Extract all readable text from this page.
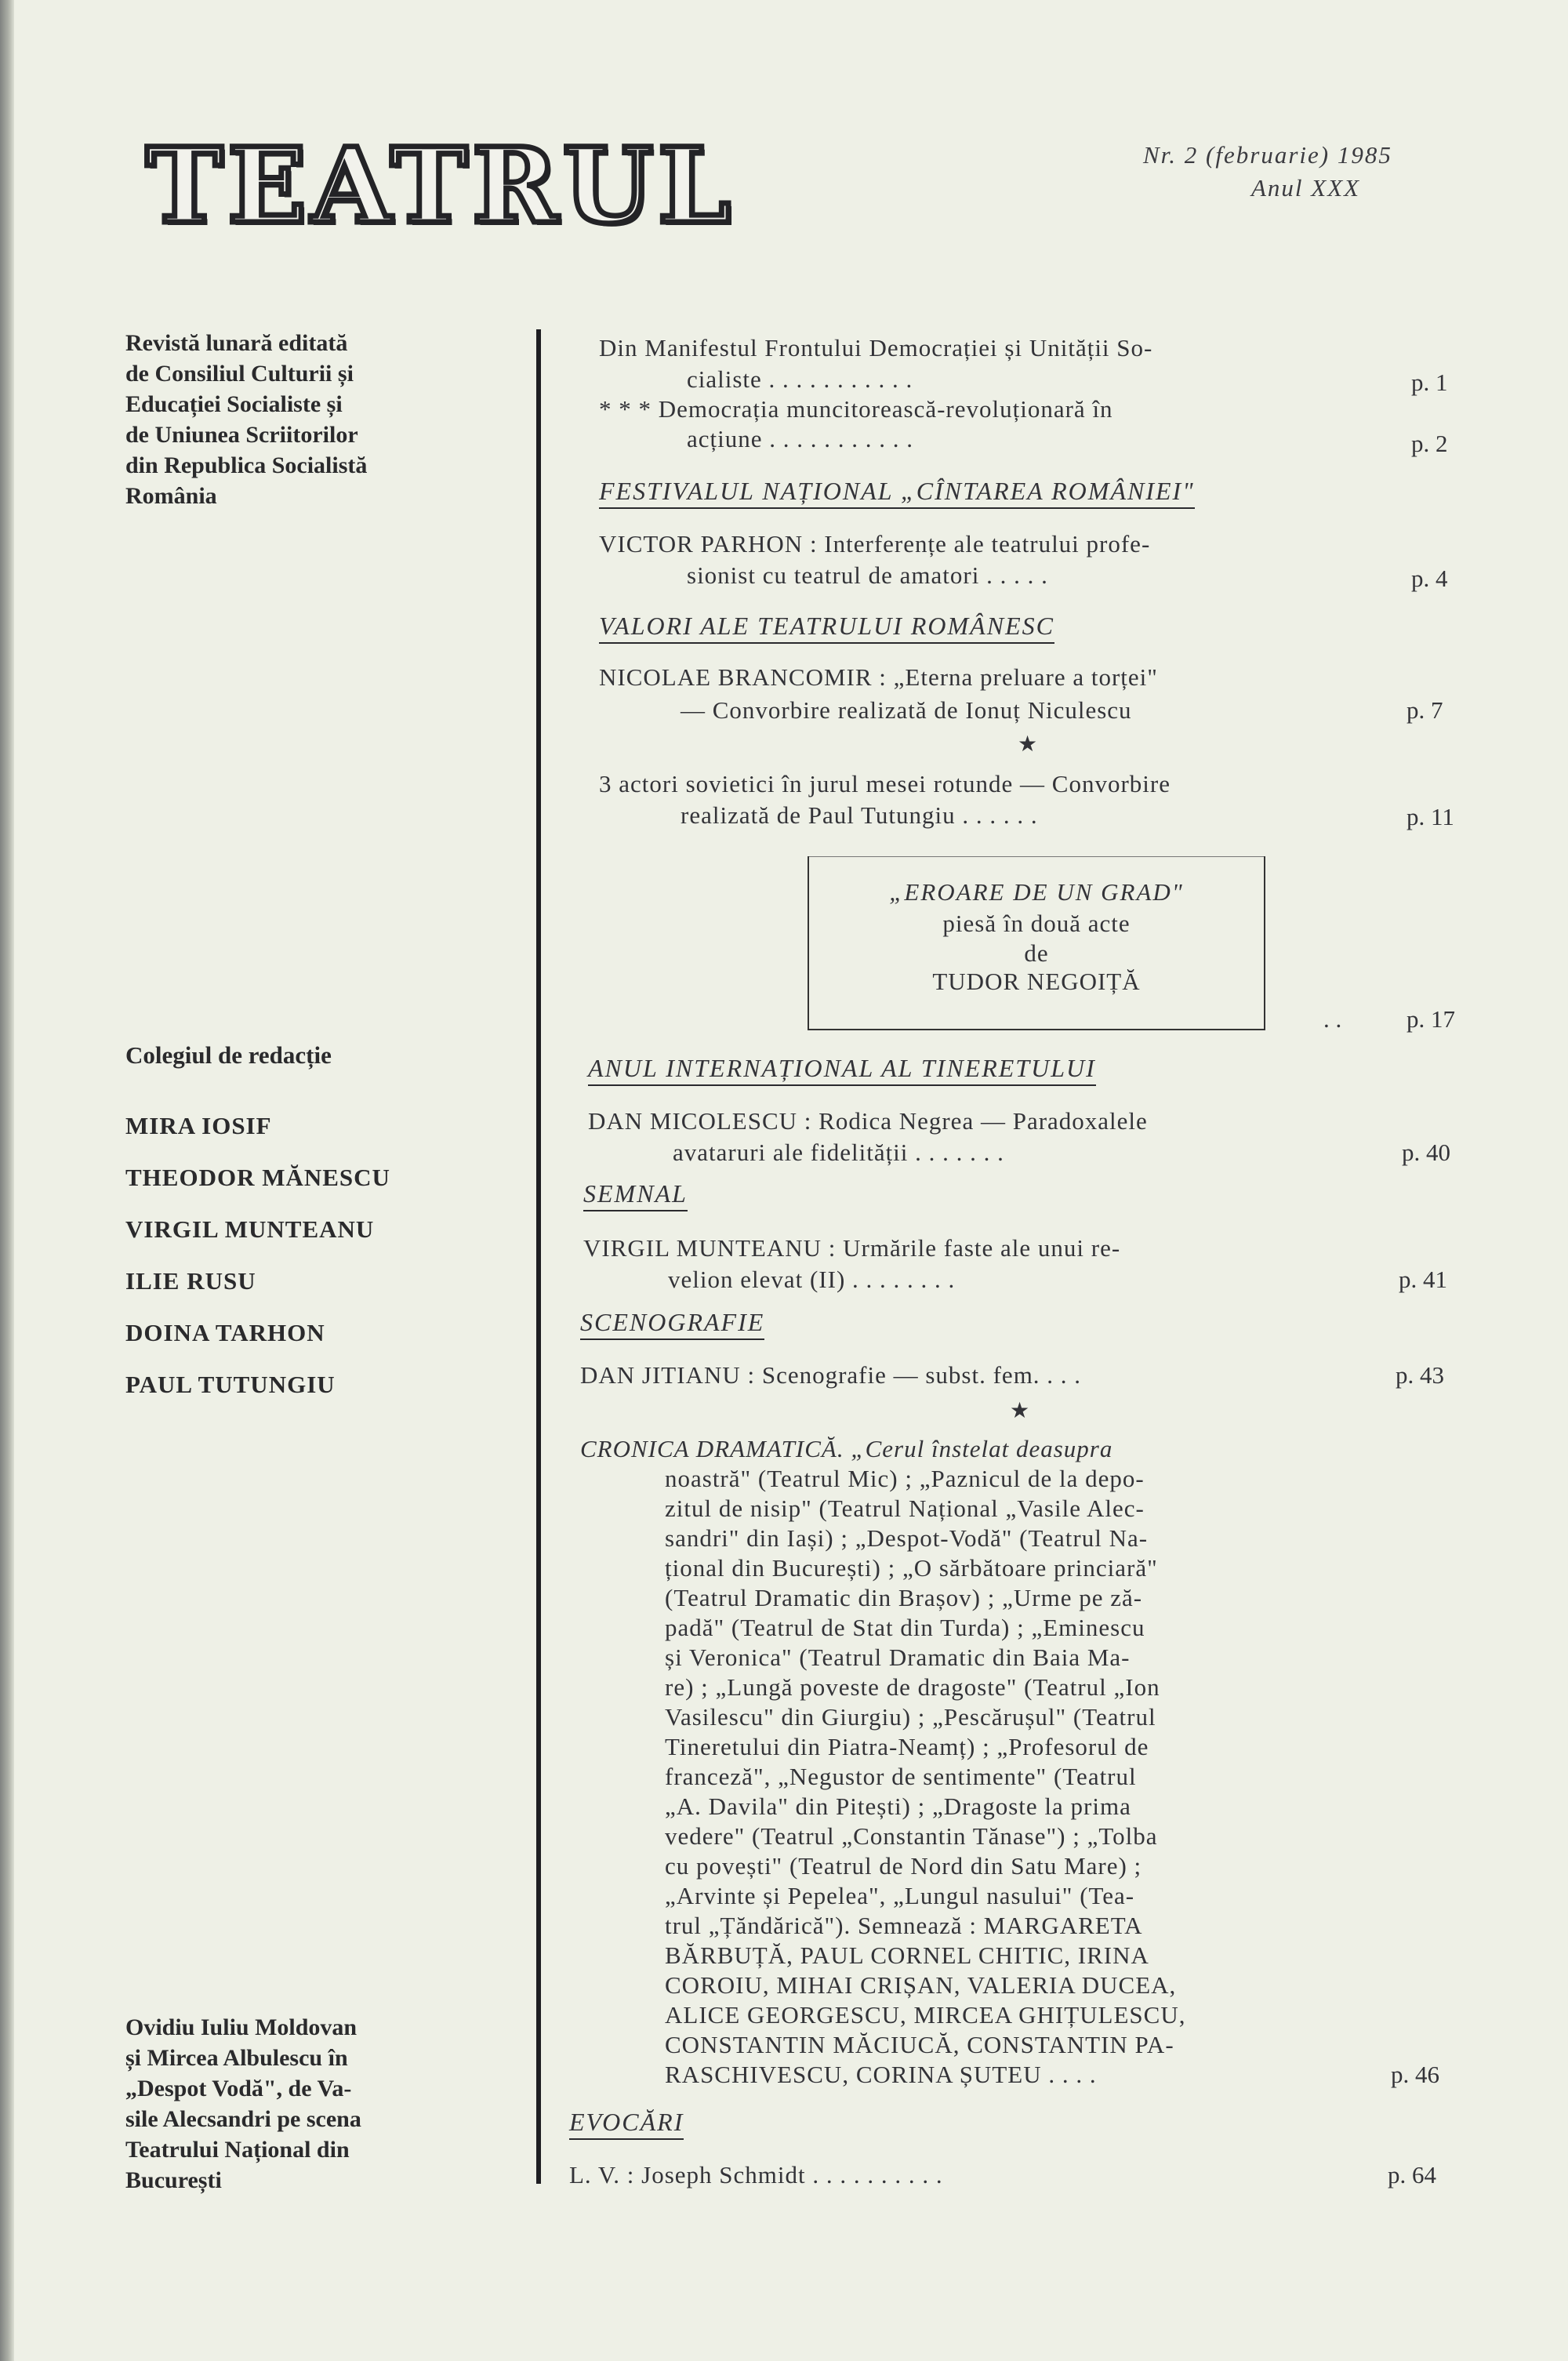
TEATRUL	Nr. 2 (februarie) 1985
Anul XXX
Revistă lunară editată
de Consiliul Culturii și
Educației Socialiste și
de Uniunea Scriitorilor
din Republica Socialistă
România
Colegiul de redacție
MIRA IOSIF
THEODOR MĂNESCU
VIRGIL MUNTEANU
ILIE RUSU
DOINA TARHON
PAUL TUTUNGIU
Ovidiu Iuliu Moldovan
și Mircea Albulescu în
„Despot Vodă", de Va-
sile Alecsandri pe scena
Teatrului Național din
București
Din Manifestul Frontului Democrației și Unității So-
cialiste . . . . . . . . . . .	p. 1
* * * Democrația muncitorească-revoluționară în
acțiune . . . . . . . . . . .	p. 2
FESTIVALUL NAȚIONAL „CÎNTAREA ROMÂNIEI"
VICTOR PARHON : Interferențe ale teatrului profe-
sionist cu teatrul de amatori . . . . .	p. 4
VALORI ALE TEATRULUI ROMÂNESC
NICOLAE BRANCOMIR : „Eterna preluare a torței"
— Convorbire realizată de Ionuț Niculescu	p. 7
★
3 actori sovietici în jurul mesei rotunde — Convorbire
realizată de Paul Tutungiu . . . . . .	p. 11
„EROARE DE UN GRAD"
piesă în două acte
de
TUDOR NEGOIȚĂ
. .	p. 17
ANUL INTERNAȚIONAL AL TINERETULUI
DAN MICOLESCU : Rodica Negrea — Paradoxalele
avataruri ale fidelității . . . . . . .	p. 40
SEMNAL
VIRGIL MUNTEANU : Urmările faste ale unui re-
velion elevat (II) . . . . . . . .	p. 41
SCENOGRAFIE
DAN JITIANU : Scenografie — subst. fem. . . .	p. 43
★
CRONICA DRAMATICĂ. „Cerul înstelat deasupra
noastră" (Teatrul Mic) ; „Paznicul de la depo-
zitul de nisip" (Teatrul Național „Vasile Alec-
sandri" din Iași) ; „Despot-Vodă" (Teatrul Na-
țional din București) ; „O sărbătoare princiară"
(Teatrul Dramatic din Brașov) ; „Urme pe ză-
padă" (Teatrul de Stat din Turda) ; „Eminescu
și Veronica" (Teatrul Dramatic din Baia Ma-
re) ; „Lungă poveste de dragoste" (Teatrul „Ion
Vasilescu" din Giurgiu) ; „Pescărușul" (Teatrul
Tineretului din Piatra-Neamț) ; „Profesorul de
franceză", „Negustor de sentimente" (Teatrul
„A. Davila" din Pitești) ; „Dragoste la prima
vedere" (Teatrul „Constantin Tănase") ; „Tolba
cu povești" (Teatrul de Nord din Satu Mare) ;
„Arvinte și Pepelea", „Lungul nasului" (Tea-
trul „Țăndărică"). Semnează : MARGARETA
BĂRBUȚĂ, PAUL CORNEL CHITIC, IRINA
COROIU, MIHAI CRIȘAN, VALERIA DUCEA,
ALICE GEORGESCU, MIRCEA GHIȚULESCU,
CONSTANTIN MĂCIUCĂ, CONSTANTIN PA-
RASCHIVESCU, CORINA ȘUTEU . . . .	p. 46
EVOCĂRI
L. V. : Joseph Schmidt . . . . . . . . . .	p. 64
